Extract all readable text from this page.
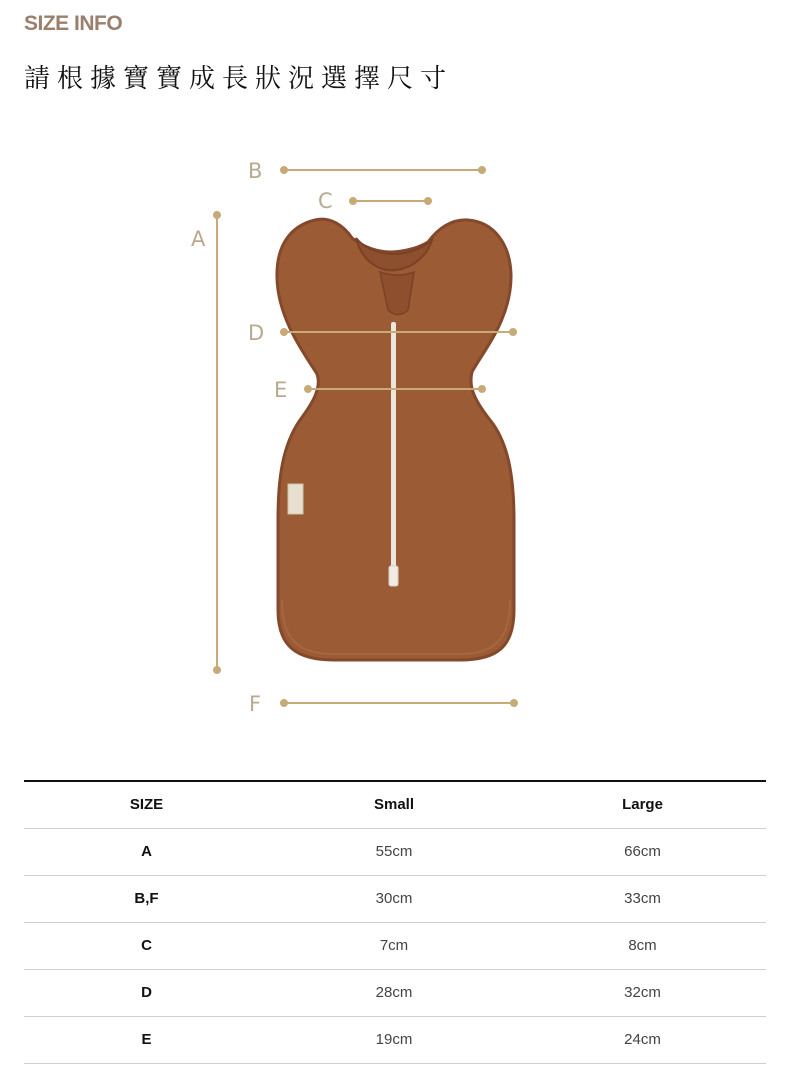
SIZE INFO
請根據寶寶成長狀況選擇尺寸
A
B
C
D
E
F
SIZE	Small	Large
A	55cm	66cm
B,F	30cm	33cm
C	7cm	8cm
D	28cm	32cm
E	19cm	24cm
